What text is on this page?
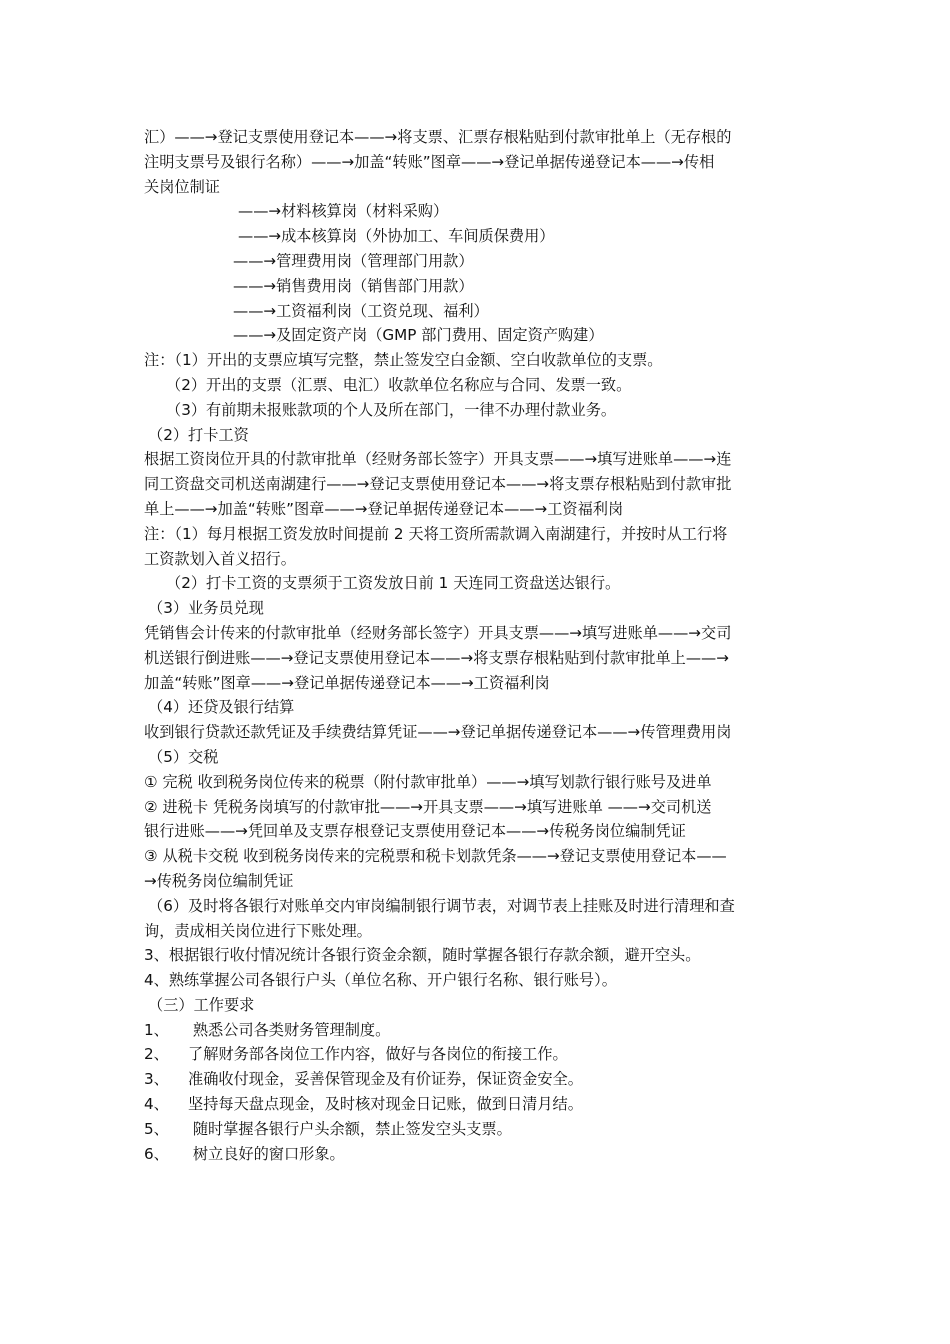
汇）——→登记支票使用登记本——→将支票、汇票存根粘贴到付款审批单上（无存根的
注明支票号及银行名称）——→加盖“转账”图章——→登记单据传递登记本——→传相
关岗位制证
——→材料核算岗（材料采购）
——→成本核算岗（外协加工、车间质保费用）
——→管理费用岗（管理部门用款）
——→销售费用岗（销售部门用款）
——→工资福利岗（工资兑现、福利）
——→及固定资产岗（GMP 部门费用、固定资产购建）
注：（1）开出的支票应填写完整，禁止签发空白金额、空白收款单位的支票。
（2）开出的支票（汇票、电汇）收款单位名称应与合同、发票一致。
（3）有前期未报账款项的个人及所在部门，一律不办理付款业务。
（2）打卡工资
根据工资岗位开具的付款审批单（经财务部长签字）开具支票——→填写进账单——→连
同工资盘交司机送南湖建行——→登记支票使用登记本——→将支票存根粘贴到付款审批
单上——→加盖“转账”图章——→登记单据传递登记本——→工资福利岗
注：（1）每月根据工资发放时间提前 2 天将工资所需款调入南湖建行，并按时从工行将
工资款划入首义招行。
（2）打卡工资的支票须于工资发放日前 1 天连同工资盘送达银行。
（3）业务员兑现
凭销售会计传来的付款审批单（经财务部长签字）开具支票——→填写进账单——→交司
机送银行倒进账——→登记支票使用登记本——→将支票存根粘贴到付款审批单上——→
加盖“转账”图章——→登记单据传递登记本——→工资福利岗
（4）还贷及银行结算
收到银行贷款还款凭证及手续费结算凭证——→登记单据传递登记本——→传管理费用岗
（5）交税
① 完税 收到税务岗位传来的税票（附付款审批单）——→填写划款行银行账号及进单
② 进税卡 凭税务岗填写的付款审批——→开具支票——→填写进账单 ——→交司机送
银行进账——→凭回单及支票存根登记支票使用登记本——→传税务岗位编制凭证
③ 从税卡交税 收到税务岗传来的完税票和税卡划款凭条——→登记支票使用登记本——
→传税务岗位编制凭证
（6）及时将各银行对账单交内审岗编制银行调节表，对调节表上挂账及时进行清理和查
询，责成相关岗位进行下账处理。
3、根据银行收付情况统计各银行资金余额，随时掌握各银行存款余额，避开空头。
4、熟练掌握公司各银行户头（单位名称、开户银行名称、银行账号）。
（三）工作要求
1、 熟悉公司各类财务管理制度。
2、 了解财务部各岗位工作内容，做好与各岗位的衔接工作。
3、 准确收付现金，妥善保管现金及有价证券，保证资金安全。
4、 坚持每天盘点现金，及时核对现金日记账，做到日清月结。
5、 随时掌握各银行户头余额，禁止签发空头支票。
6、 树立良好的窗口形象。
